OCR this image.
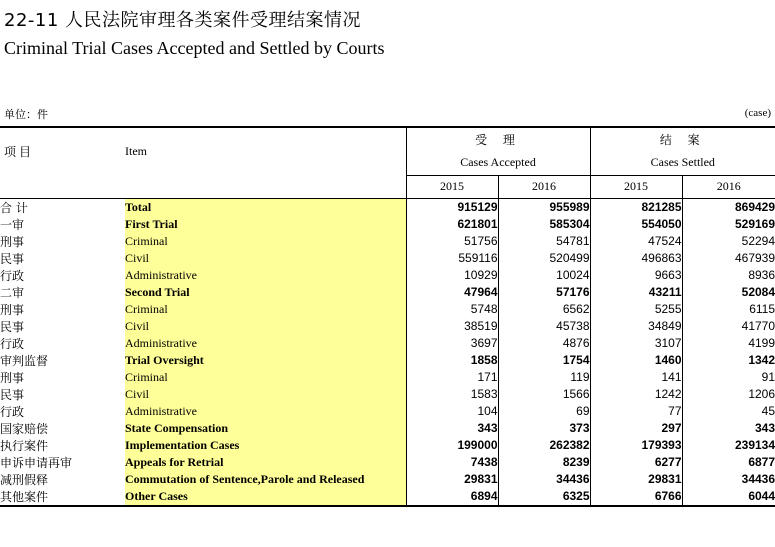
22-11 人民法院审理各类案件受理结案情况
Criminal Trial Cases Accepted and Settled by Courts
单位：件	(case)
项 目	Item	受 理		结 案	
		Cases Accepted		Cases Settled	
		2015	2016	2015	2016
合 计	Total	915129	955989	821285	869429
一审	First Trial	621801	585304	554050	529169
刑事	Criminal	51756	54781	47524	52294
民事	Civil	559116	520499	496863	467939
行政	Administrative	10929	10024	9663	8936
二审	Second Trial	47964	57176	43211	52084
刑事	Criminal	5748	6562	5255	6115
民事	Civil	38519	45738	34849	41770
行政	Administrative	3697	4876	3107	4199
审判监督	Trial Oversight	1858	1754	1460	1342
刑事	Criminal	171	119	141	91
民事	Civil	1583	1566	1242	1206
行政	Administrative	104	69	77	45
国家赔偿	State Compensation	343	373	297	343
执行案件	Implementation Cases	199000	262382	179393	239134
申诉申请再审	Appeals for Retrial	7438	8239	6277	6877
减刑假释	Commutation of Sentence,Parole and Released	29831	34436	29831	34436
其他案件	Other Cases	6894	6325	6766	6044
